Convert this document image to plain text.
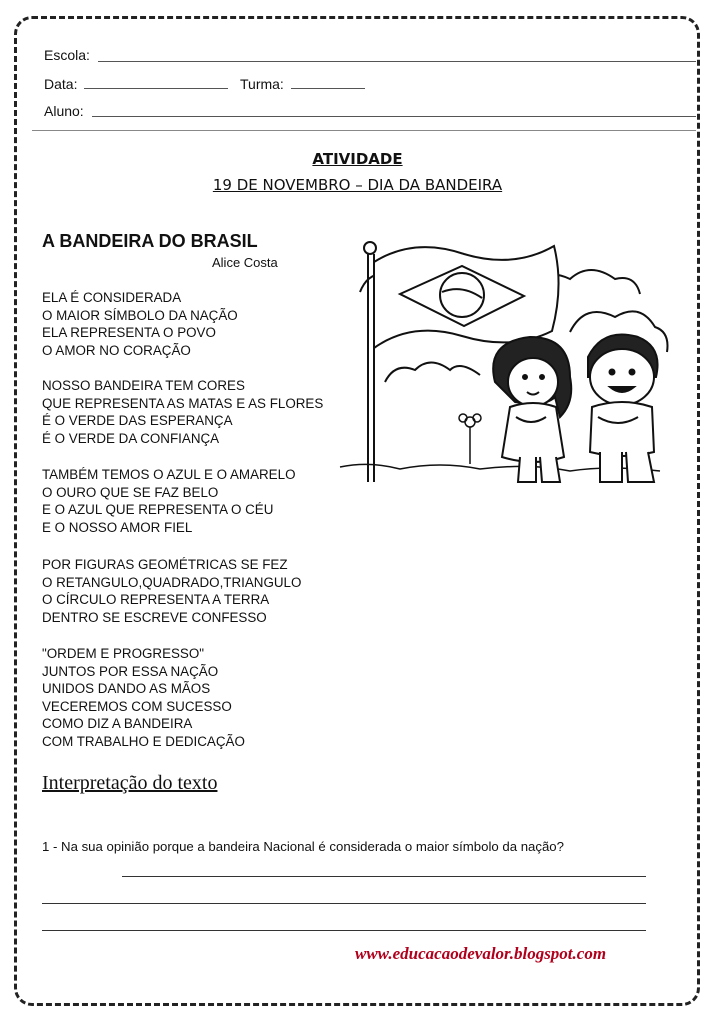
Escola:
Data:	Turma:
Aluno:
ATIVIDADE
19 DE NOVEMBRO – DIA DA BANDEIRA
A BANDEIRA DO BRASIL
Alice Costa
ELA É CONSIDERADA
O MAIOR SÍMBOLO DA NAÇÃO
ELA REPRESENTA O POVO
O AMOR NO CORAÇÃO
NOSSO BANDEIRA TEM CORES
QUE REPRESENTA AS MATAS E AS FLORES
É O VERDE DAS ESPERANÇA
É O VERDE DA CONFIANÇA
TAMBÉM TEMOS O AZUL E O AMARELO
O OURO QUE SE FAZ BELO
E O AZUL QUE REPRESENTA O CÉU
E O NOSSO AMOR FIEL
POR FIGURAS GEOMÉTRICAS SE FEZ
O RETANGULO,QUADRADO,TRIANGULO
O CÍRCULO REPRESENTA A TERRA
DENTRO SE ESCREVE CONFESSO
"ORDEM E PROGRESSO"
JUNTOS POR ESSA NAÇÃO
UNIDOS DANDO AS MÃOS
VECEREMOS COM SUCESSO
COMO DIZ A BANDEIRA
COM TRABALHO E DEDICAÇÃO
Interpretação do texto
1 - Na sua opinião porque a bandeira Nacional é considerada o maior símbolo da nação?
www.educacaodevalor.blogspot.com
